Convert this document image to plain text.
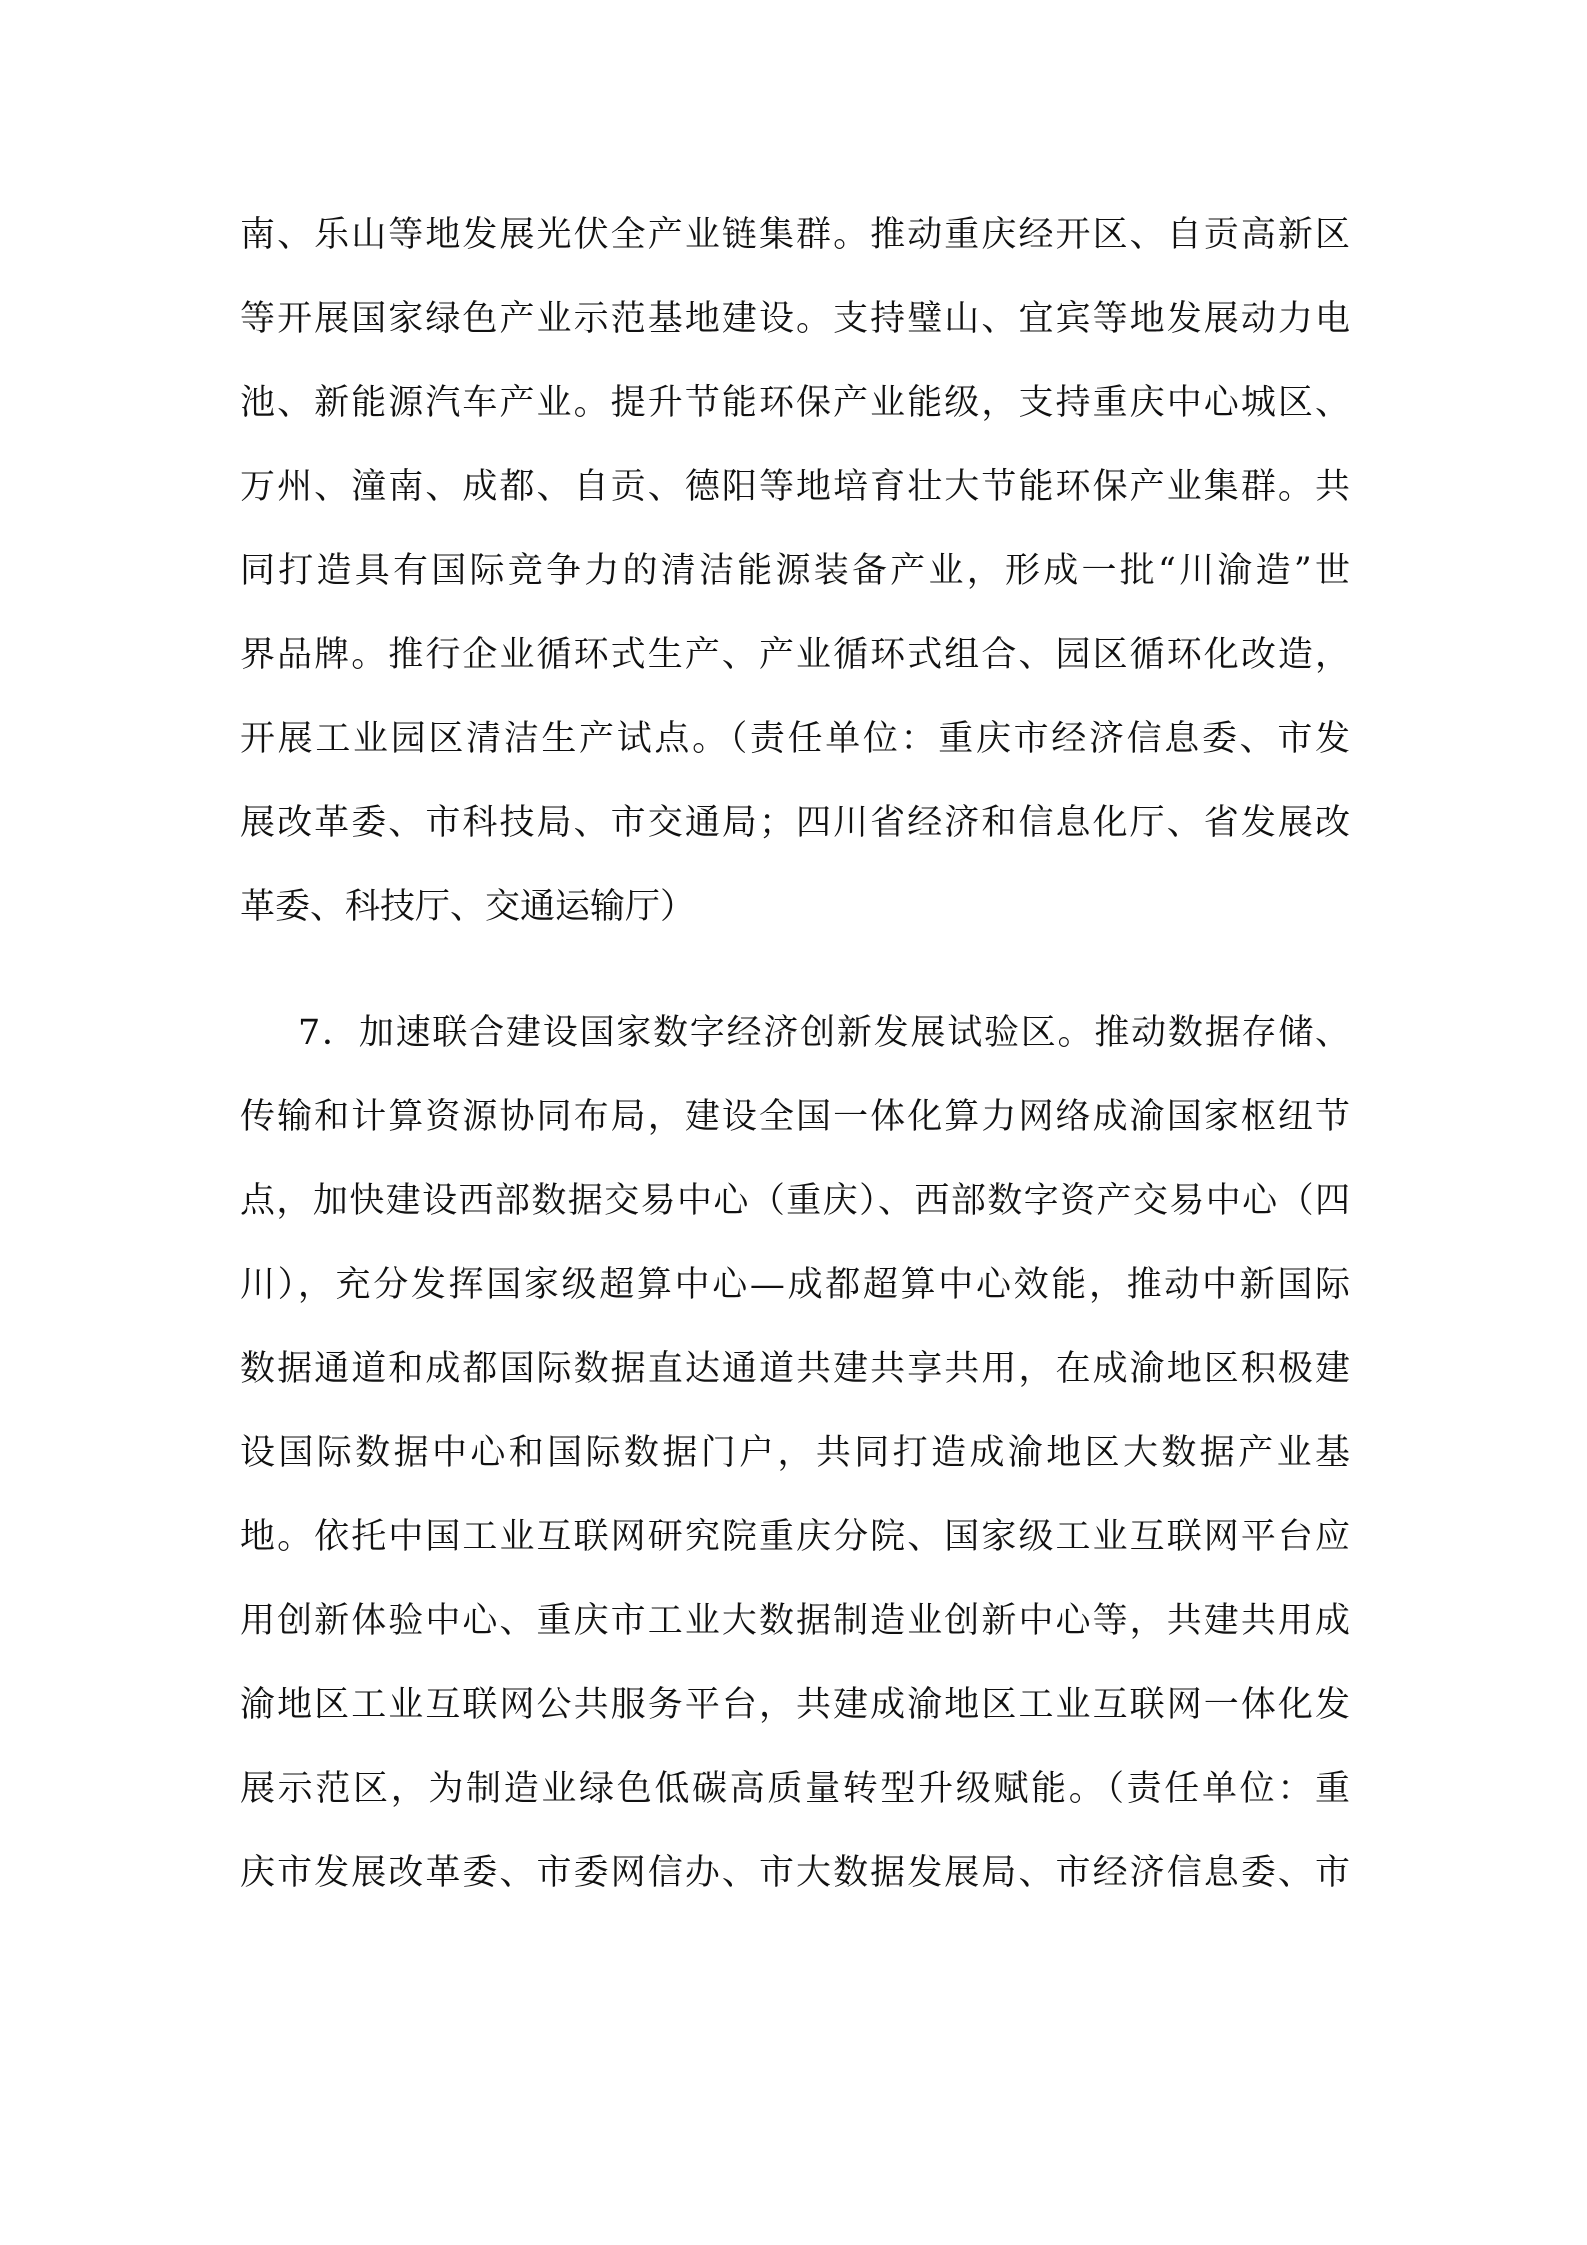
南、乐山等地发展光伏全产业链集群。推动重庆经开区、自贡高新区
等开展国家绿色产业示范基地建设。支持璧山、宜宾等地发展动力电
池、新能源汽车产业。提升节能环保产业能级，支持重庆中心城区、
万州、潼南、成都、自贡、德阳等地培育壮大节能环保产业集群。共
同打造具有国际竞争力的清洁能源装备产业，形成一批“川渝造”世
界品牌。推行企业循环式生产、产业循环式组合、园区循环化改造，
开展工业园区清洁生产试点。（责任单位：重庆市经济信息委、市发
展改革委、市科技局、市交通局；四川省经济和信息化厅、省发展改
革委、科技厅、交通运输厅）
7．加速联合建设国家数字经济创新发展试验区。推动数据存储、
传输和计算资源协同布局，建设全国一体化算力网络成渝国家枢纽节
点，加快建设西部数据交易中心（重庆）、西部数字资产交易中心（四
川），充分发挥国家级超算中心—成都超算中心效能，推动中新国际
数据通道和成都国际数据直达通道共建共享共用，在成渝地区积极建
设国际数据中心和国际数据门户，共同打造成渝地区大数据产业基
地。依托中国工业互联网研究院重庆分院、国家级工业互联网平台应
用创新体验中心、重庆市工业大数据制造业创新中心等，共建共用成
渝地区工业互联网公共服务平台，共建成渝地区工业互联网一体化发
展示范区，为制造业绿色低碳高质量转型升级赋能。（责任单位：重
庆市发展改革委、市委网信办、市大数据发展局、市经济信息委、市
